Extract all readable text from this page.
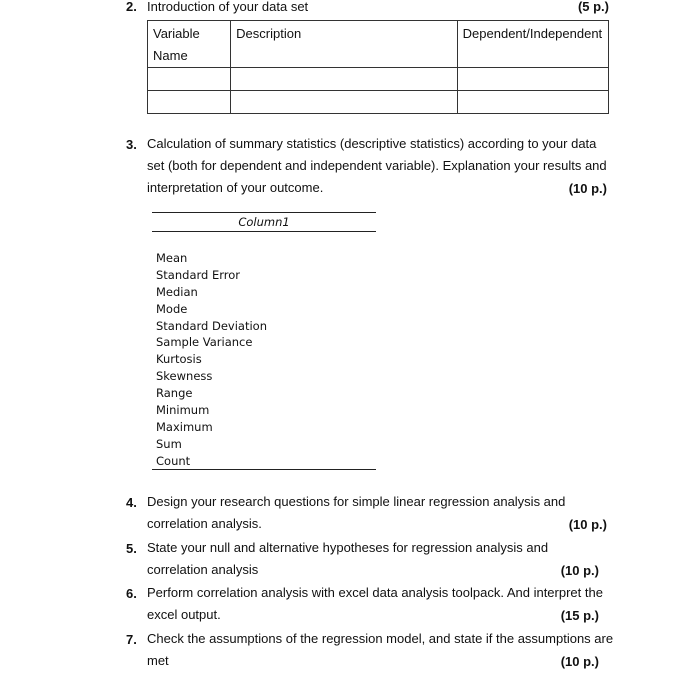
2. Introduction of your data set	(5 p.)
Variable Name	Description	Dependent/Independent

3. Calculation of summary statistics (descriptive statistics) according to your data
set (both for dependent and independent variable). Explanation your results and
interpretation of your outcome.	(10 p.)
Column1
Mean
Standard Error
Median
Mode
Standard Deviation
Sample Variance
Kurtosis
Skewness
Range
Minimum
Maximum
Sum
Count
4. Design your research questions for simple linear regression analysis and
correlation analysis.	(10 p.)
5. State your null and alternative hypotheses for regression analysis and
correlation analysis	(10 p.)
6. Perform correlation analysis with excel data analysis toolpack. And interpret the
excel output.	(15 p.)
7. Check the assumptions of the regression model, and state if the assumptions are
met	(10 p.)
